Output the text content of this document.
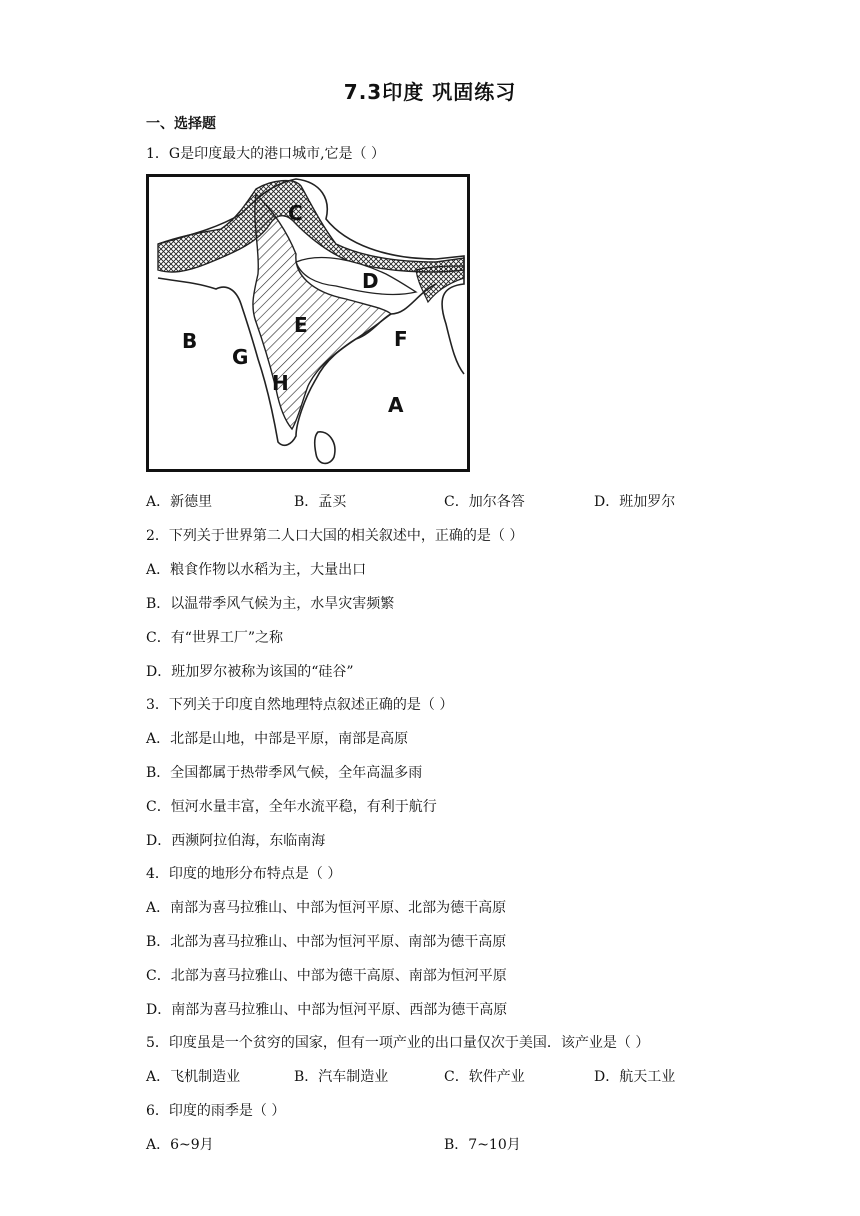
7.3印度 巩固练习
一、选择题
1．G是印度最大的港口城市,它是（ ）
C
D
E
B
G
F
H
A
A．新德里	B．孟买	C．加尔各答	D．班加罗尔
2．下列关于世界第二人口大国的相关叙述中，正确的是（ ）
A．粮食作物以水稻为主，大量出口
B．以温带季风气候为主，水旱灾害频繁
C．有“世界工厂”之称
D．班加罗尔被称为该国的“硅谷”
3．下列关于印度自然地理特点叙述正确的是（ ）
A．北部是山地，中部是平原，南部是高原
B．全国都属于热带季风气候，全年高温多雨
C．恒河水量丰富，全年水流平稳，有利于航行
D．西濒阿拉伯海，东临南海
4．印度的地形分布特点是（ ）
A．南部为喜马拉雅山、中部为恒河平原、北部为德干高原
B．北部为喜马拉雅山、中部为恒河平原、南部为德干高原
C．北部为喜马拉雅山、中部为德干高原、南部为恒河平原
D．南部为喜马拉雅山、中部为恒河平原、西部为德干高原
5．印度虽是一个贫穷的国家，但有一项产业的出口量仅次于美国．该产业是（ ）
A．飞机制造业	B．汽车制造业	C．软件产业	D．航天工业
6．印度的雨季是（ ）
A．6~9月	B．7~10月
